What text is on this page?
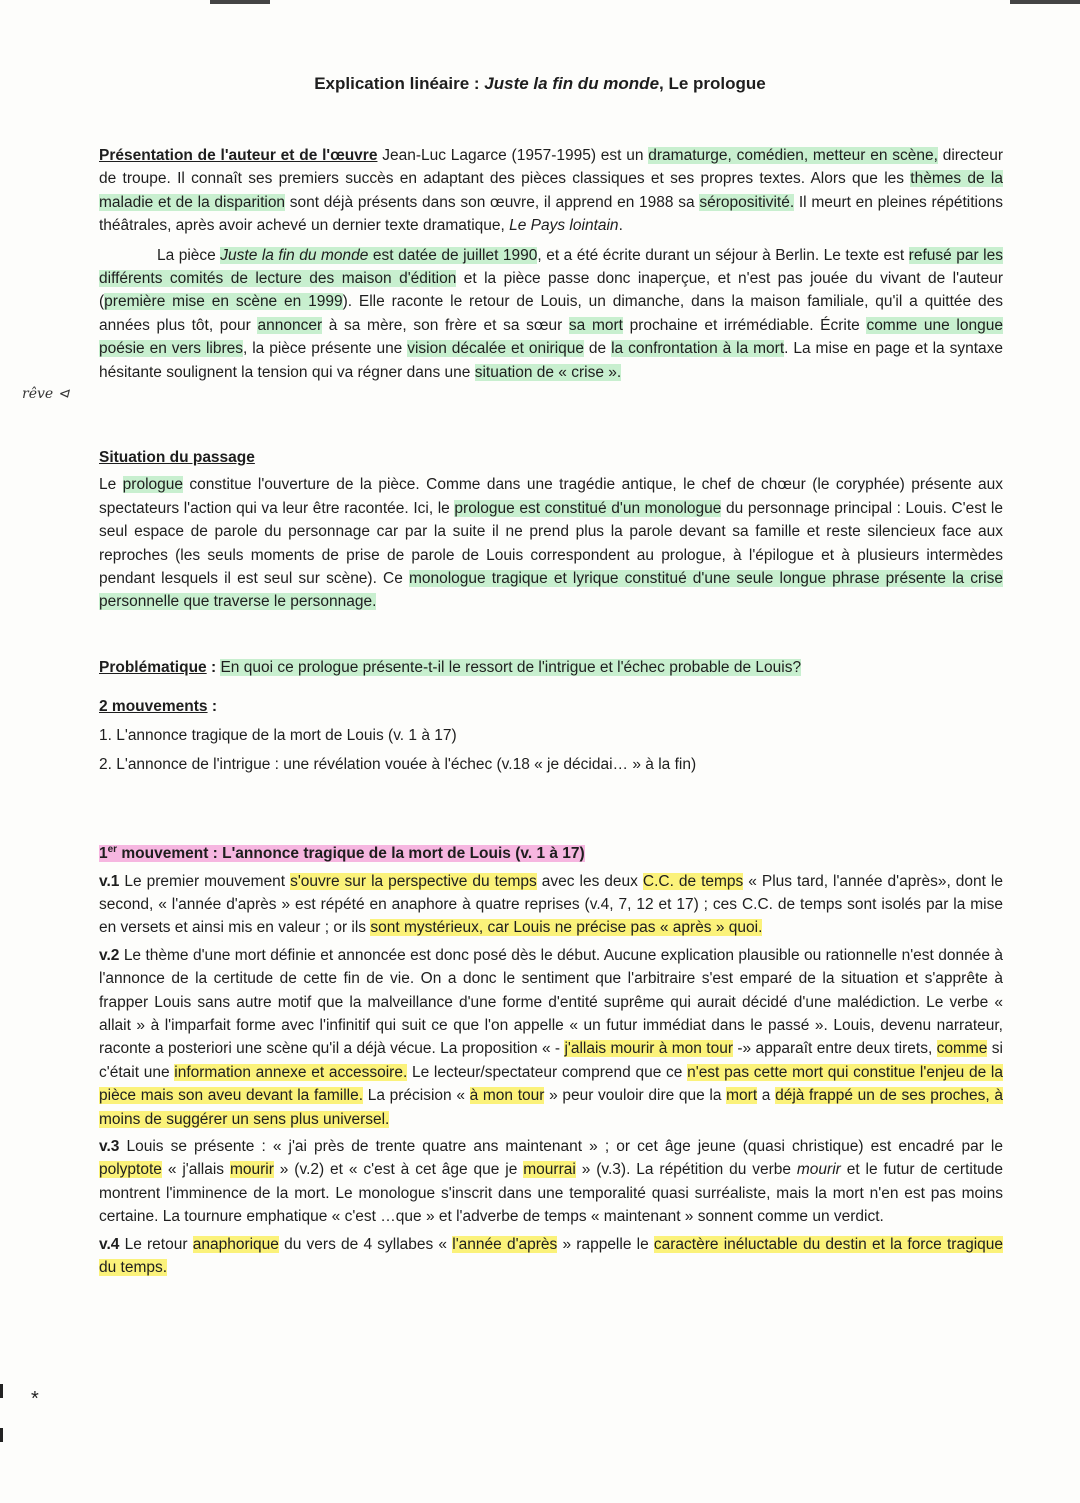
Explication linéaire : Juste la fin du monde, Le prologue
rêve ⊲

Présentation de l'auteur et de l'œuvre Jean-Luc Lagarce (1957-1995) est un dramaturge, comédien, metteur en scène, directeur de troupe. Il connaît ses premiers succès en adaptant des pièces classiques et ses propres textes. Alors que les thèmes de la maladie et de la disparition sont déjà présents dans son œuvre, il apprend en 1988 sa séropositivité. Il meurt en pleines répétitions théâtrales, après avoir achevé un dernier texte dramatique, Le Pays lointain.

La pièce Juste la fin du monde est datée de juillet 1990, et a été écrite durant un séjour à Berlin. Le texte est refusé par les différents comités de lecture des maison d'édition et la pièce passe donc inaperçue, et n'est pas jouée du vivant de l'auteur (première mise en scène en 1999). Elle raconte le retour de Louis, un dimanche, dans la maison familiale, qu'il a quittée des années plus tôt, pour annoncer à sa mère, son frère et sa sœur sa mort prochaine et irrémédiable. Écrite comme une longue poésie en vers libres, la pièce présente une vision décalée et onirique de la confrontation à la mort. La mise en page et la syntaxe hésitante soulignent la tension qui va régner dans une situation de « crise ».

Situation du passage

Le prologue constitue l'ouverture de la pièce. Comme dans une tragédie antique, le chef de chœur (le coryphée) présente aux spectateurs l'action qui va leur être racontée. Ici, le prologue est constitué d'un monologue du personnage principal : Louis. C'est le seul espace de parole du personnage car par la suite il ne prend plus la parole devant sa famille et reste silencieux face aux reproches (les seuls moments de prise de parole de Louis correspondent au prologue, à l'épilogue et à plusieurs intermèdes pendant lesquels il est seul sur scène). Ce monologue tragique et lyrique constitué d'une seule longue phrase présente la crise personnelle que traverse le personnage.

Problématique : En quoi ce prologue présente-t-il le ressort de l'intrigue et l'échec probable de Louis?

2 mouvements :
1. L'annonce tragique de la mort de Louis (v. 1 à 17)
2. L'annonce de l'intrigue : une révélation vouée à l'échec (v.18 « je décidai… » à la fin)

1er mouvement : L'annonce tragique de la mort de Louis (v. 1 à 17)

v.1 Le premier mouvement s'ouvre sur la perspective du temps avec les deux C.C. de temps « Plus tard, l'année d'après», dont le second, « l'année d'après » est répété en anaphore à quatre reprises (v.4, 7, 12 et 17) ; ces C.C. de temps sont isolés par la mise en versets et ainsi mis en valeur ; or ils sont mystérieux, car Louis ne précise pas « après » quoi.

v.2 Le thème d'une mort définie et annoncée est donc posé dès le début. Aucune explication plausible ou rationnelle n'est donnée à l'annonce de la certitude de cette fin de vie. On a donc le sentiment que l'arbitraire s'est emparé de la situation et s'apprête à frapper Louis sans autre motif que la malveillance d'une forme d'entité suprême qui aurait décidé d'une malédiction. Le verbe « allait » à l'imparfait forme avec l'infinitif qui suit ce que l'on appelle « un futur immédiat dans le passé ». Louis, devenu narrateur, raconte a posteriori une scène qu'il a déjà vécue. La proposition « - j'allais mourir à mon tour -» apparaît entre deux tirets, comme si c'était une information annexe et accessoire. Le lecteur/spectateur comprend que ce n'est pas cette mort qui constitue l'enjeu de la pièce mais son aveu devant la famille. La précision « à mon tour » peur vouloir dire que la mort a déjà frappé un de ses proches, à moins de suggérer un sens plus universel.

v.3 Louis se présente : « j'ai près de trente quatre ans maintenant » ; or cet âge jeune (quasi christique) est encadré par le polyptote « j'allais mourir » (v.2) et « c'est à cet âge que je mourrai » (v.3). La répétition du verbe mourir et le futur de certitude montrent l'imminence de la mort. Le monologue s'inscrit dans une temporalité quasi surréaliste, mais la mort n'en est pas moins certaine. La tournure emphatique « c'est …que » et l'adverbe de temps « maintenant » sonnent comme un verdict.

v.4 Le retour anaphorique du vers de 4 syllabes « l'année d'après » rappelle le caractère inéluctable du destin et la force tragique du temps.

*
